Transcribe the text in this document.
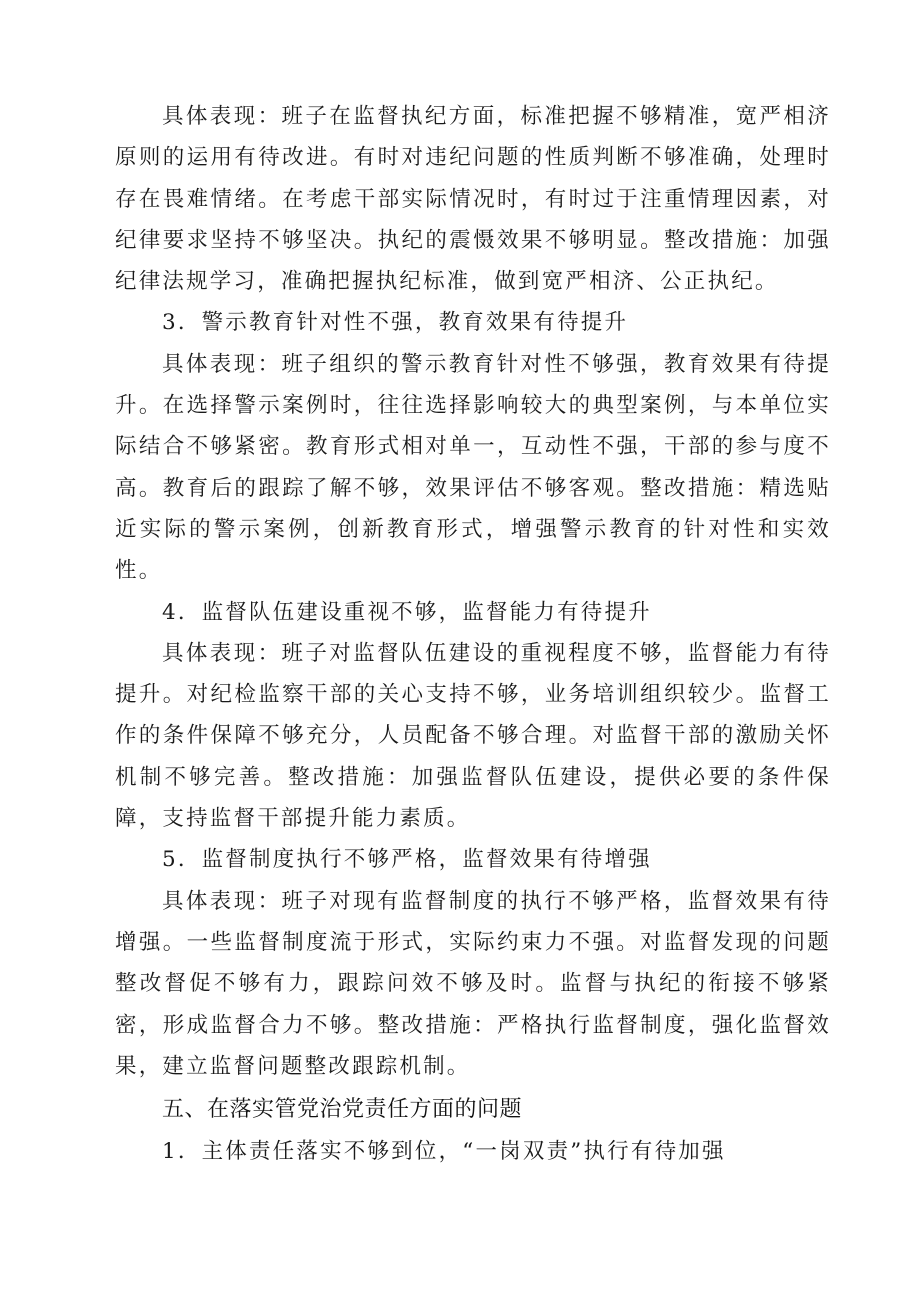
具体表现：班子在监督执纪方面，标准把握不够精准，宽严相济原则的运用有待改进。有时对违纪问题的性质判断不够准确，处理时存在畏难情绪。在考虑干部实际情况时，有时过于注重情理因素，对纪律要求坚持不够坚决。执纪的震慑效果不够明显。整改措施：加强纪律法规学习，准确把握执纪标准，做到宽严相济、公正执纪。

3．警示教育针对性不强，教育效果有待提升

具体表现：班子组织的警示教育针对性不够强，教育效果有待提升。在选择警示案例时，往往选择影响较大的典型案例，与本单位实际结合不够紧密。教育形式相对单一，互动性不强，干部的参与度不高。教育后的跟踪了解不够，效果评估不够客观。整改措施：精选贴近实际的警示案例，创新教育形式，增强警示教育的针对性和实效性。

4．监督队伍建设重视不够，监督能力有待提升

具体表现：班子对监督队伍建设的重视程度不够，监督能力有待提升。对纪检监察干部的关心支持不够，业务培训组织较少。监督工作的条件保障不够充分，人员配备不够合理。对监督干部的激励关怀机制不够完善。整改措施：加强监督队伍建设，提供必要的条件保障，支持监督干部提升能力素质。

5．监督制度执行不够严格，监督效果有待增强

具体表现：班子对现有监督制度的执行不够严格，监督效果有待增强。一些监督制度流于形式，实际约束力不强。对监督发现的问题整改督促不够有力，跟踪问效不够及时。监督与执纪的衔接不够紧密，形成监督合力不够。整改措施：严格执行监督制度，强化监督效果，建立监督问题整改跟踪机制。

五、在落实管党治党责任方面的问题

1．主体责任落实不够到位，“一岗双责”执行有待加强
